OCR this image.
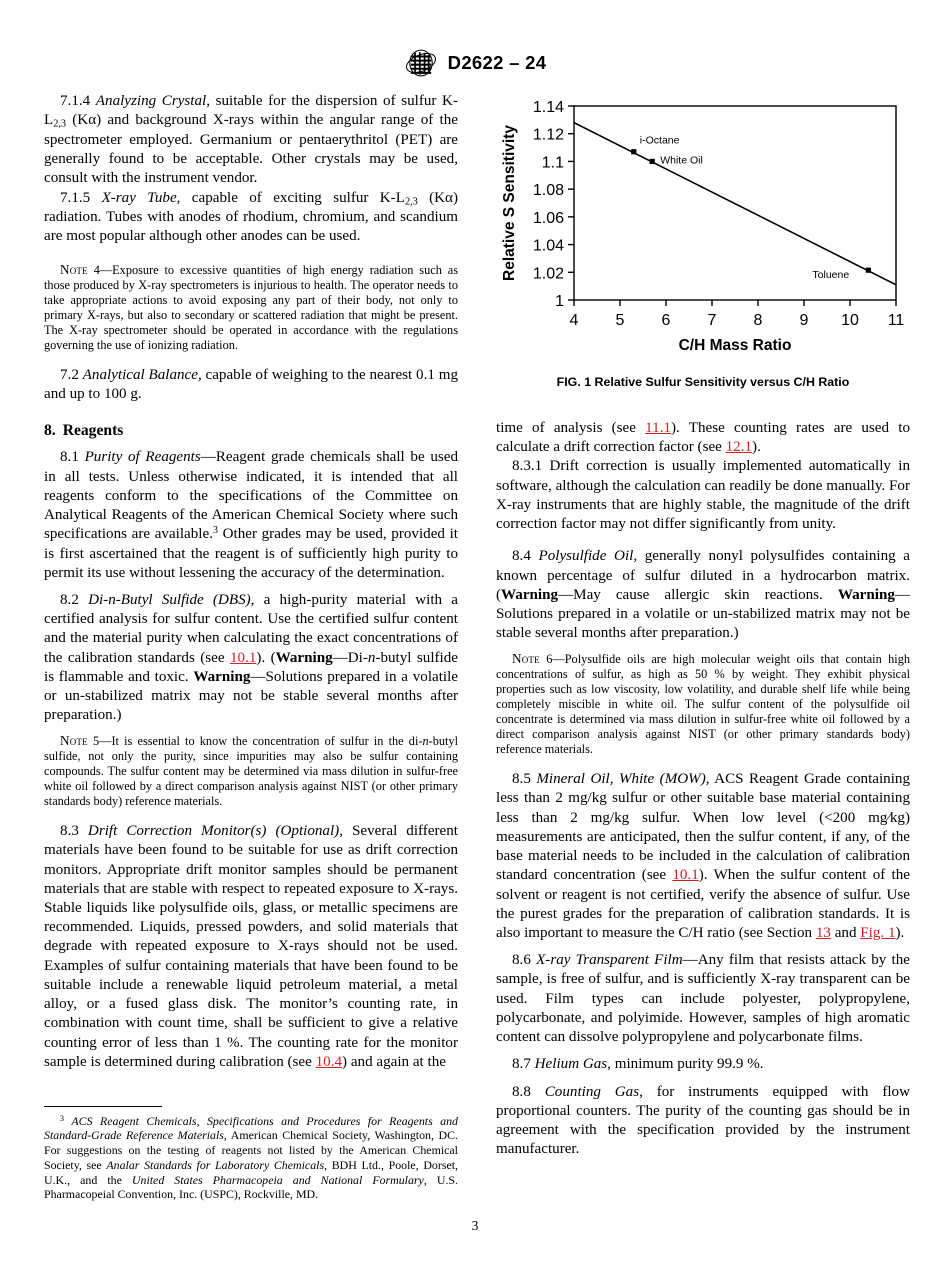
D2622 – 24

7.1.4 Analyzing Crystal, suitable for the dispersion of sulfur $K-L_{2,3}$ (Kα) and background X-rays within the angular range of the spectrometer employed. Germanium or pentaerythritol (PET) are generally found to be acceptable. Other crystals may be used, consult with the instrument vendor.

7.1.5 X-ray Tube, capable of exciting sulfur $K-L_{2,3}$ (Kα) radiation. Tubes with anodes of rhodium, chromium, and scandium are most popular although other anodes can be used.

Note 4—Exposure to excessive quantities of high energy radiation such as those produced by X-ray spectrometers is injurious to health. The operator needs to take appropriate actions to avoid exposing any part of their body, not only to primary X-rays, but also to secondary or scattered radiation that might be present. The X-ray spectrometer should be operated in accordance with the regulations governing the use of ionizing radiation.

7.2 Analytical Balance, capable of weighing to the nearest 0.1 mg and up to 100 g.

8. Reagents

8.1 Purity of Reagents—Reagent grade chemicals shall be used in all tests. Unless otherwise indicated, it is intended that all reagents conform to the specifications of the Committee on Analytical Reagents of the American Chemical Society where such specifications are available.$^3$ Other grades may be used, provided it is first ascertained that the reagent is of sufficiently high purity to permit its use without lessening the accuracy of the determination.

8.2 Di-n-Butyl Sulfide (DBS), a high-purity material with a certified analysis for sulfur content. Use the certified sulfur content and the material purity when calculating the exact concentrations of the calibration standards (see 10.1). (Warning—Di-n-butyl sulfide is flammable and toxic. Warning—Solutions prepared in a volatile or un-stabilized matrix may not be stable several months after preparation.)

Note 5—It is essential to know the concentration of sulfur in the di-n-butyl sulfide, not only the purity, since impurities may also be sulfur containing compounds. The sulfur content may be determined via mass dilution in sulfur-free white oil followed by a direct comparison analysis against NIST (or other primary standards body) reference materials.

8.3 Drift Correction Monitor(s) (Optional), Several different materials have been found to be suitable for use as drift correction monitors. Appropriate drift monitor samples should be permanent materials that are stable with respect to repeated exposure to X-rays. Stable liquids like polysulfide oils, glass, or metallic specimens are recommended. Liquids, pressed powders, and solid materials that degrade with repeated exposure to X-rays should not be used. Examples of sulfur containing materials that have been found to be suitable include a renewable liquid petroleum material, a metal alloy, or a fused glass disk. The monitor’s counting rate, in combination with count time, shall be sufficient to give a relative counting error of less than 1 %. The counting rate for the monitor sample is determined during calibration (see 10.4) and again at the

$^3$ ACS Reagent Chemicals, Specifications and Procedures for Reagents and Standard-Grade Reference Materials, American Chemical Society, Washington, DC. For suggestions on the testing of reagents not listed by the American Chemical Society, see Analar Standards for Laboratory Chemicals, BDH Ltd., Poole, Dorset, U.K., and the United States Pharmacopeia and National Formulary, U.S. Pharmacopeial Convention, Inc. (USPC), Rockville, MD.

1
1.02
1.04
1.06
1.08
1.1
1.12
1.14
4 5 6 7 8 9 10 11
i-Octane
White Oil
Toluene
C/H Mass Ratio
Relative S Sensitivity
FIG. 1 Relative Sulfur Sensitivity versus C/H Ratio

time of analysis (see 11.1). These counting rates are used to calculate a drift correction factor (see 12.1).

8.3.1 Drift correction is usually implemented automatically in software, although the calculation can readily be done manually. For X-ray instruments that are highly stable, the magnitude of the drift correction factor may not differ significantly from unity.

8.4 Polysulfide Oil, generally nonyl polysulfides containing a known percentage of sulfur diluted in a hydrocarbon matrix. (Warning—May cause allergic skin reactions. Warning—Solutions prepared in a volatile or un-stabilized matrix may not be stable several months after preparation.)

Note 6—Polysulfide oils are high molecular weight oils that contain high concentrations of sulfur, as high as 50 % by weight. They exhibit physical properties such as low viscosity, low volatility, and durable shelf life while being completely miscible in white oil. The sulfur content of the polysulfide oil concentrate is determined via mass dilution in sulfur-free white oil followed by a direct comparison analysis against NIST (or other primary standards body) reference materials.

8.5 Mineral Oil, White (MOW), ACS Reagent Grade containing less than 2 mg/kg sulfur or other suitable base material containing less than 2 mg/kg sulfur. When low level (<200 mg⁄kg) measurements are anticipated, then the sulfur content, if any, of the base material needs to be included in the calculation of calibration standard concentration (see 10.1). When the sulfur content of the solvent or reagent is not certified, verify the absence of sulfur. Use the purest grades for the preparation of calibration standards. It is also important to measure the C/H ratio (see Section 13 and Fig. 1).

8.6 X-ray Transparent Film—Any film that resists attack by the sample, is free of sulfur, and is sufficiently X-ray transparent can be used. Film types can include polyester, polypropylene, polycarbonate, and polyimide. However, samples of high aromatic content can dissolve polypropylene and polycarbonate films.

8.7 Helium Gas, minimum purity 99.9 %.

8.8 Counting Gas, for instruments equipped with flow proportional counters. The purity of the counting gas should be in agreement with the specification provided by the instrument manufacturer.

3
